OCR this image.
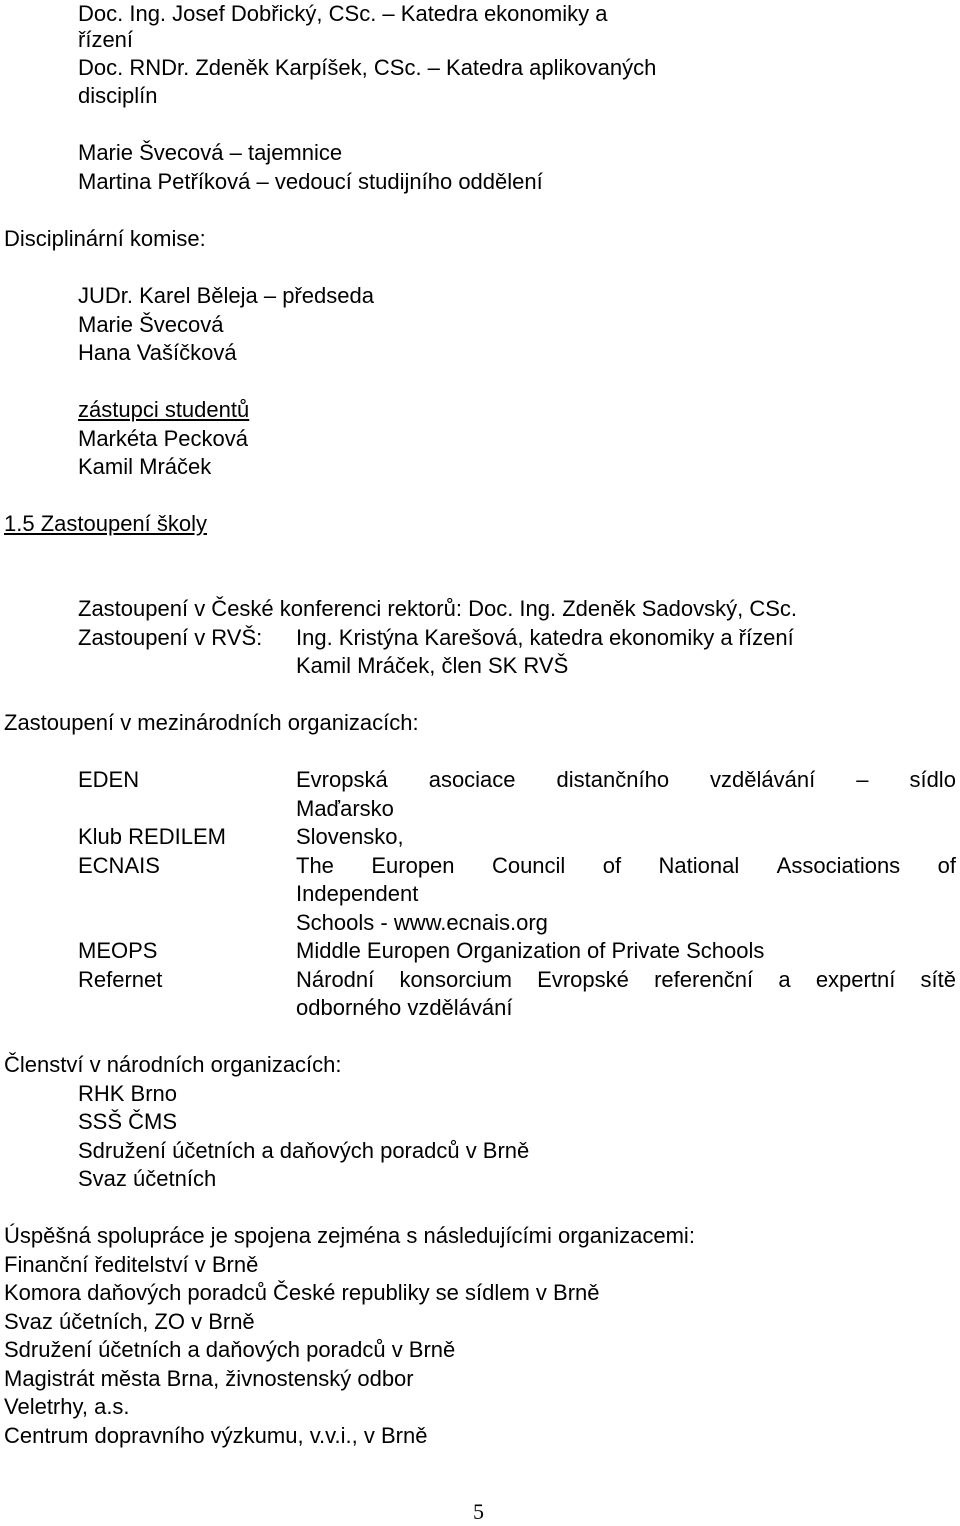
Doc. Ing. Josef Dobřický, CSc. – Katedra ekonomiky a
řízení
Doc. RNDr. Zdeněk Karpíšek, CSc. – Katedra aplikovaných
disciplín
Marie Švecová – tajemnice
Martina Petříková – vedoucí studijního oddělení
Disciplinární komise:
JUDr. Karel Běleja – předseda
Marie Švecová
Hana Vašíčková
zástupci studentů
Markéta Pecková
Kamil Mráček
1.5 Zastoupení školy
Zastoupení v České konferenci rektorů: Doc. Ing. Zdeněk Sadovský, CSc.
Zastoupení v RVŠ: Ing. Kristýna Karešová, katedra ekonomiky a řízení
Kamil Mráček, člen SK RVŠ
Zastoupení v mezinárodních organizacích:
EDEN	Evropská asociace distančního vzdělávání – sídlo
Maďarsko
Klub REDILEM	Slovensko,
ECNAIS	The Europen Council of National Associations of
Independent
Schools - www.ecnais.org
MEOPS	Middle Europen Organization of Private Schools
Refernet	Národní konsorcium Evropské referenční a expertní sítě
odborného vzdělávání
Členství v národních organizacích:
RHK Brno
SSŠ ČMS
Sdružení účetních a daňových poradců v Brně
Svaz účetních
Úspěšná spolupráce je spojena zejména s následujícími organizacemi:
Finanční ředitelství v Brně
Komora daňových poradců České republiky se sídlem v Brně
Svaz účetních, ZO v Brně
Sdružení účetních a daňových poradců v Brně
Magistrát města Brna, živnostenský odbor
Veletrhy, a.s.
Centrum dopravního výzkumu, v.v.i., v Brně
5
